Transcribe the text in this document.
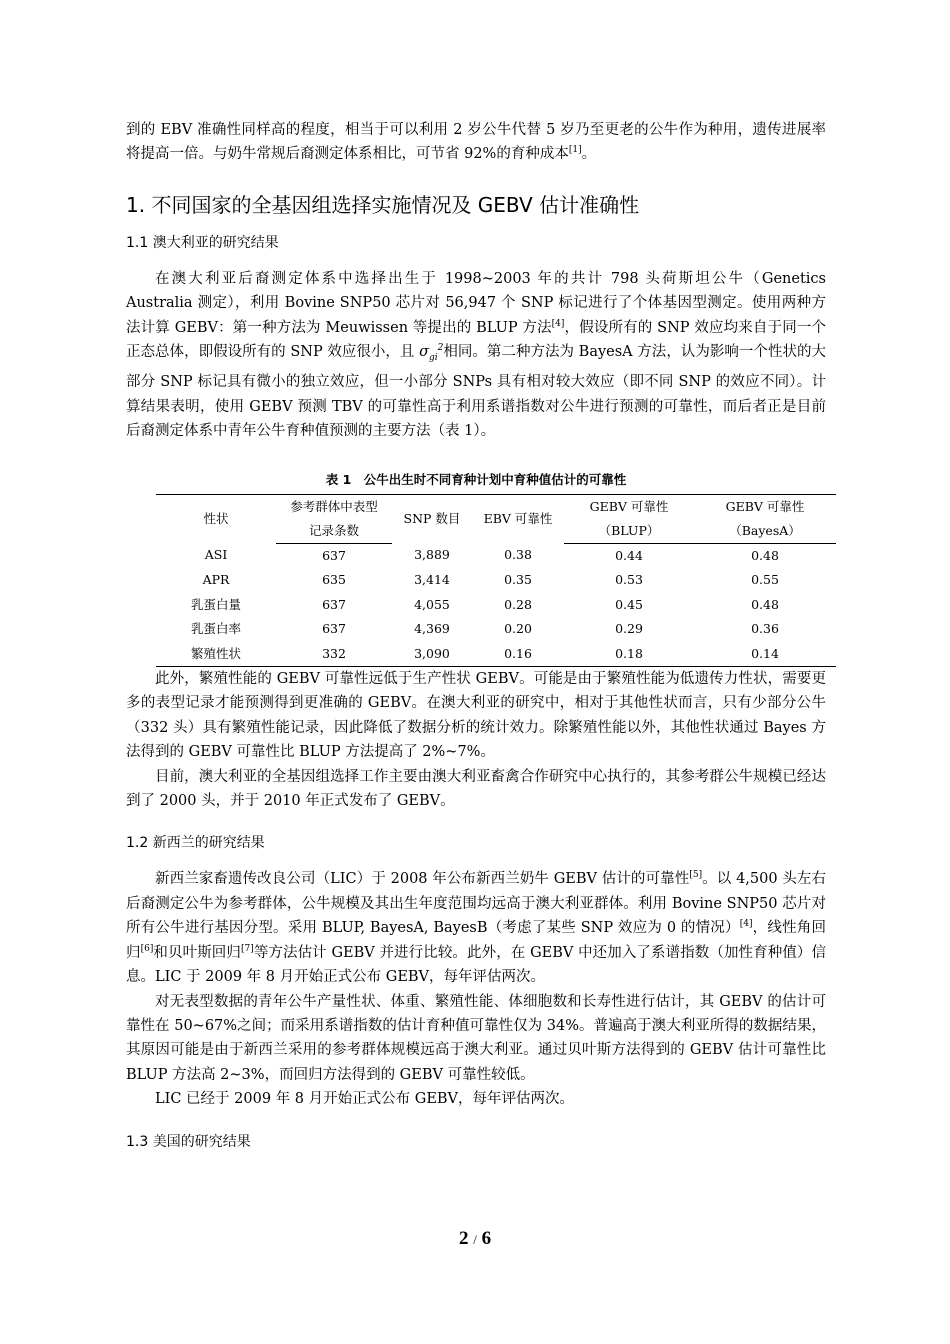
到的 EBV 准确性同样高的程度，相当于可以利用 2 岁公牛代替 5 岁乃至更老的公牛作为种用，遗传进展率将提高一倍。与奶牛常规后裔测定体系相比，可节省 92%的育种成本[1]。

1. 不同国家的全基因组选择实施情况及 GEBV 估计准确性
1.1 澳大利亚的研究结果

在澳大利亚后裔测定体系中选择出生于 1998~2003 年的共计 798 头荷斯坦公牛（Genetics Australia 测定），利用 Bovine SNP50 芯片对 56,947 个 SNP 标记进行了个体基因型测定。使用两种方法计算 GEBV：第一种方法为 Meuwissen 等提出的 BLUP 方法[4]，假设所有的 SNP 效应均来自于同一个正态总体，即假设所有的 SNP 效应很小，且 $\sigma_{gi}^2$相同。第二种方法为 BayesA 方法，认为影响一个性状的大部分 SNP 标记具有微小的独立效应，但一小部分 SNPs 具有相对较大效应（即不同 SNP 的效应不同）。计算结果表明，使用 GEBV 预测 TBV 的可靠性高于利用系谱指数对公牛进行预测的可靠性，而后者正是目前后裔测定体系中青年公牛育种值预测的主要方法（表 1）。

表 1　公牛出生时不同育种计划中育种值估计的可靠性
性状	参考群体中表型	SNP 数目	EBV 可靠性	GEBV 可靠性	GEBV 可靠性
	记录条数			（BLUP）	（BayesA）
ASI	637	3,889	0.38	0.44	0.48
APR	635	3,414	0.35	0.53	0.55
乳蛋白量	637	4,055	0.28	0.45	0.48
乳蛋白率	637	4,369	0.20	0.29	0.36
繁殖性状	332	3,090	0.16	0.18	0.14

此外，繁殖性能的 GEBV 可靠性远低于生产性状 GEBV。可能是由于繁殖性能为低遗传力性状，需要更多的表型记录才能预测得到更准确的 GEBV。在澳大利亚的研究中，相对于其他性状而言，只有少部分公牛（332 头）具有繁殖性能记录，因此降低了数据分析的统计效力。除繁殖性能以外，其他性状通过 Bayes 方法得到的 GEBV 可靠性比 BLUP 方法提高了 2%~7%。

目前，澳大利亚的全基因组选择工作主要由澳大利亚畜禽合作研究中心执行的，其参考群公牛规模已经达到了 2000 头，并于 2010 年正式发布了 GEBV。

1.2 新西兰的研究结果

新西兰家畜遗传改良公司（LIC）于 2008 年公布新西兰奶牛 GEBV 估计的可靠性[5]。以 4,500 头左右后裔测定公牛为参考群体，公牛规模及其出生年度范围均远高于澳大利亚群体。利用 Bovine SNP50 芯片对所有公牛进行基因分型。采用 BLUP, BayesA, BayesB（考虑了某些 SNP 效应为 0 的情况）[4]，线性角回归[6]和贝叶斯回归[7]等方法估计 GEBV 并进行比较。此外，在 GEBV 中还加入了系谱指数（加性育种值）信息。LIC 于 2009 年 8 月开始正式公布 GEBV，每年评估两次。

对无表型数据的青年公牛产量性状、体重、繁殖性能、体细胞数和长寿性进行估计，其 GEBV 的估计可靠性在 50~67%之间；而采用系谱指数的估计育种值可靠性仅为 34%。普遍高于澳大利亚所得的数据结果，其原因可能是由于新西兰采用的参考群体规模远高于澳大利亚。通过贝叶斯方法得到的 GEBV 估计可靠性比 BLUP 方法高 2~3%，而回归方法得到的 GEBV 可靠性较低。

LIC 已经于 2009 年 8 月开始正式公布 GEBV，每年评估两次。

1.3 美国的研究结果
2 / 6
